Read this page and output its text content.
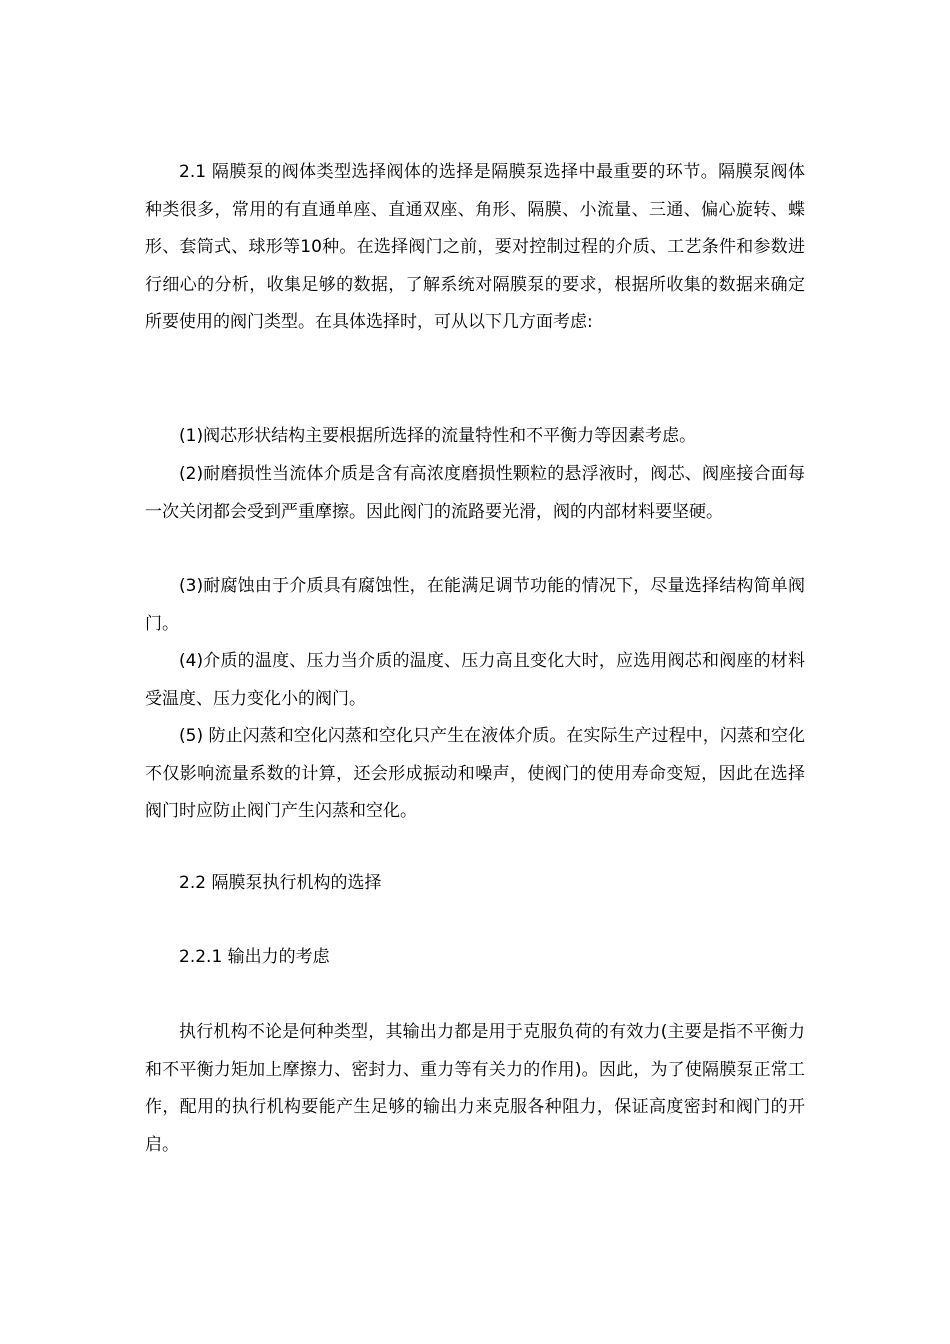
2.1 隔膜泵的阀体类型选择阀体的选择是隔膜泵选择中最重要的环节。隔膜泵阀体种类很多，常用的有直通单座、直通双座、角形、隔膜、小流量、三通、偏心旋转、蝶形、套筒式、球形等10种。在选择阀门之前，要对控制过程的介质、工艺条件和参数进行细心的分析，收集足够的数据，了解系统对隔膜泵的要求，根据所收集的数据来确定所要使用的阀门类型。在具体选择时，可从以下几方面考虑:

(1)阀芯形状结构主要根据所选择的流量特性和不平衡力等因素考虑。

(2)耐磨损性当流体介质是含有高浓度磨损性颗粒的悬浮液时，阀芯、阀座接合面每一次关闭都会受到严重摩擦。因此阀门的流路要光滑，阀的内部材料要坚硬。

(3)耐腐蚀由于介质具有腐蚀性，在能满足调节功能的情况下，尽量选择结构简单阀门。

(4)介质的温度、压力当介质的温度、压力高且变化大时，应选用阀芯和阀座的材料受温度、压力变化小的阀门。

(5) 防止闪蒸和空化闪蒸和空化只产生在液体介质。在实际生产过程中，闪蒸和空化不仅影响流量系数的计算，还会形成振动和噪声，使阀门的使用寿命变短，因此在选择阀门时应防止阀门产生闪蒸和空化。

2.2 隔膜泵执行机构的选择

2.2.1 输出力的考虑

执行机构不论是何种类型，其输出力都是用于克服负荷的有效力(主要是指不平衡力和不平衡力矩加上摩擦力、密封力、重力等有关力的作用)。因此，为了使隔膜泵正常工作，配用的执行机构要能产生足够的输出力来克服各种阻力，保证高度密封和阀门的开启。
